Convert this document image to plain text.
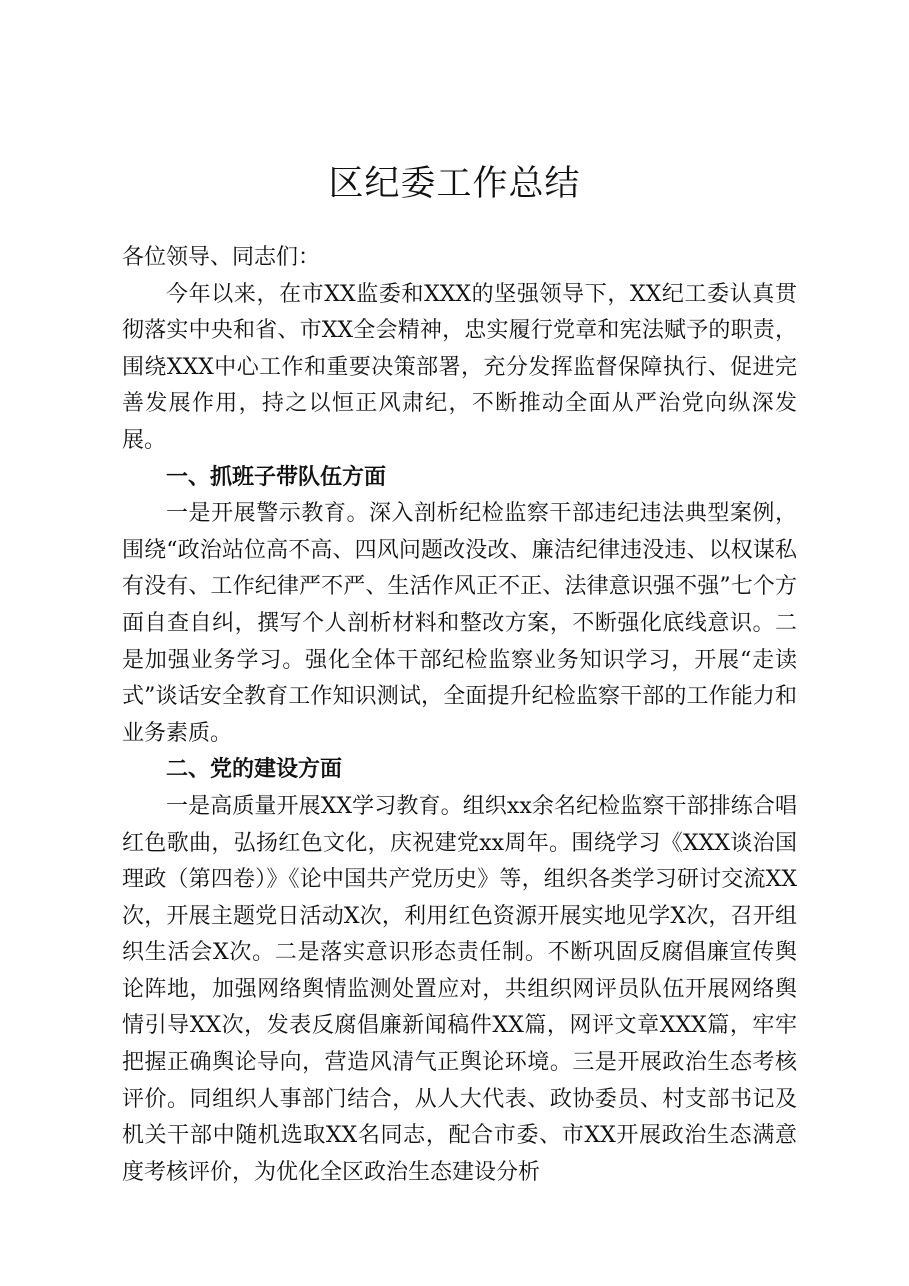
区纪委工作总结

各位领导、同志们：

今年以来，在市XX监委和XXX的坚强领导下，XX纪工委认真贯彻落实中央和省、市XX全会精神，忠实履行党章和宪法赋予的职责，围绕XXX中心工作和重要决策部署，充分发挥监督保障执行、促进完善发展作用，持之以恒正风肃纪，不断推动全面从严治党向纵深发展。

一、抓班子带队伍方面

一是开展警示教育。深入剖析纪检监察干部违纪违法典型案例，围绕“政治站位高不高、四风问题改没改、廉洁纪律违没违、以权谋私有没有、工作纪律严不严、生活作风正不正、法律意识强不强”七个方面自查自纠，撰写个人剖析材料和整改方案，不断强化底线意识。二是加强业务学习。强化全体干部纪检监察业务知识学习，开展“走读式”谈话安全教育工作知识测试，全面提升纪检监察干部的工作能力和业务素质。

二、党的建设方面

一是高质量开展XX学习教育。组织xx余名纪检监察干部排练合唱红色歌曲，弘扬红色文化，庆祝建党xx周年。围绕学习《XXX谈治国理政（第四卷）》《论中国共产党历史》等，组织各类学习研讨交流XX次，开展主题党日活动X次，利用红色资源开展实地见学X次，召开组织生活会X次。二是落实意识形态责任制。不断巩固反腐倡廉宣传舆论阵地，加强网络舆情监测处置应对，共组织网评员队伍开展网络舆情引导XX次，发表反腐倡廉新闻稿件XX篇，网评文章XXX篇，牢牢把握正确舆论导向，营造风清气正舆论环境。三是开展政治生态考核评价。同组织人事部门结合，从人大代表、政协委员、村支部书记及机关干部中随机选取XX名同志，配合市委、市XX开展政治生态满意度考核评价，为优化全区政治生态建设分析
